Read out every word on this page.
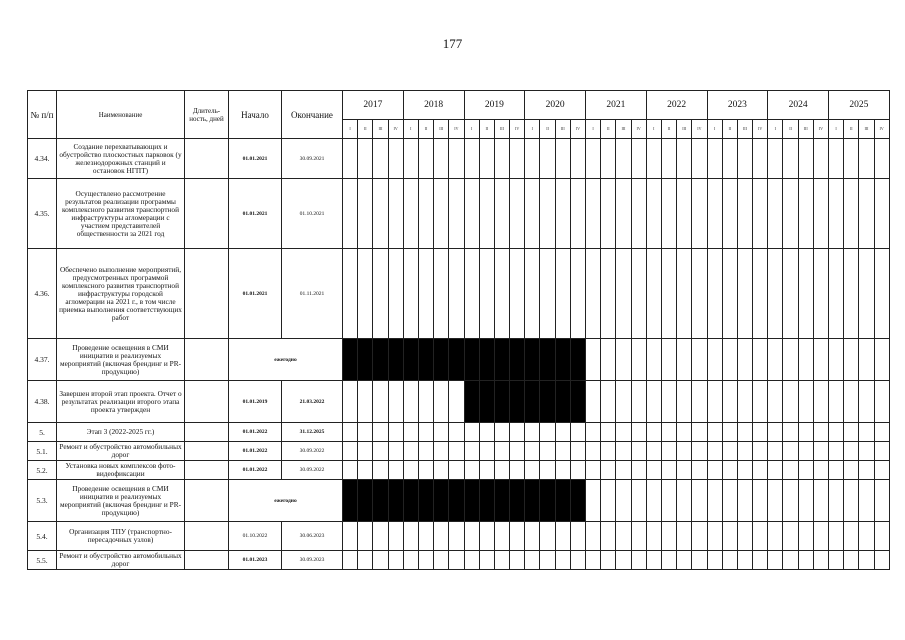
177
№ п/п	Наименование	Длитель-ность, дней	Начало	Окончание	2017				2018				2019				2020				2021				2022				2023				2024				2025			
					I	II	III	IV	I	II	III	IV	I	II	III	IV	I	II	III	IV	I	II	III	IV	I	II	III	IV	I	II	III	IV	I	II	III	IV	I	II	III	IV
4.34.	Создание перехватывающих и обустройство плоскостных парковок (у железнодорожных станций и остановок НГПТ)		01.01.2021	30.09.2021																																				
4.35.	Осуществлено рассмотрение результатов реализации программы комплексного развития транспортной инфраструктуры агломерации с участием представителей общественности за 2021 год		01.01.2021	01.10.2021																																				
4.36.	Обеспечено выполнение мероприятий, предусмотренных программой комплексного развития транспортной инфраструктуры городской агломерации на 2021 г., в том числе приемка выполнения соответствующих работ		01.01.2021	01.11.2021																																				
4.37.	Проведение освещения в СМИ инициатив и реализуемых мероприятий (включая брендинг и PR-продукцию)		ежегодно																																					
4.38.	Завершен второй этап проекта. Отчет о результатах реализации второго этапа проекта утвержден		01.01.2019	21.03.2022																																				
5.	Этап 3 (2022-2025 гг.)		01.01.2022	31.12.2025																																				
5.1.	Ремонт и обустройство автомобильных дорог		01.01.2022	30.09.2022																																				
5.2.	Установка новых комплексов фото-видеофиксации		01.01.2022	30.09.2022																																				
5.3.	Проведение освещения в СМИ инициатив и реализуемых мероприятий (включая брендинг и PR-продукцию)		ежегодно																																					
5.4.	Организация ТПУ (транспортно-пересадочных узлов)		01.10.2022	30.06.2023																																				
5.5.	Ремонт и обустройство автомобильных дорог		01.01.2023	30.09.2023																																				
